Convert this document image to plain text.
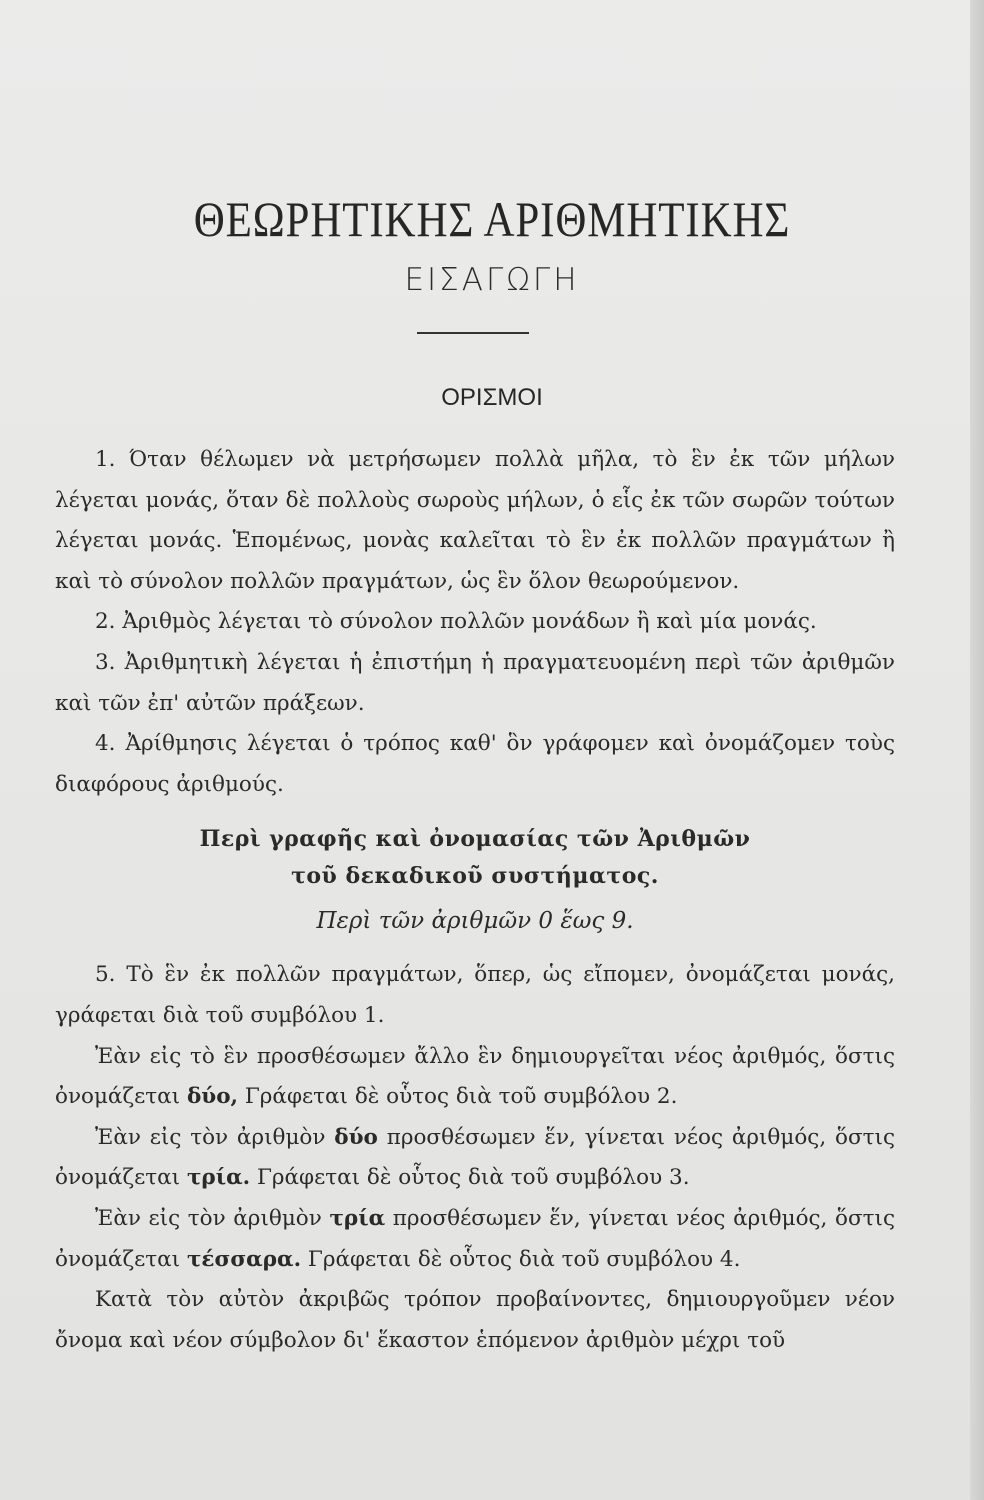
ΘΕΩΡΗΤΙΚΗΣ ΑΡΙΘΜΗΤΙΚΗΣ
ΕΙΣΑΓΩΓΗ
ΟΡΙΣΜΟΙ

1. Όταν θέλωμεν νὰ μετρήσωμεν πολλὰ μῆλα, τὸ ἓν ἐκ τῶν μήλων λέγεται μονάς, ὅταν δὲ πολλοὺς σωροὺς μήλων, ὁ εἷς ἐκ τῶν σωρῶν τούτων λέγεται μονάς. Ἑπομένως, μονὰς καλεῖται τὸ ἓν ἐκ πολλῶν πραγμάτων ἢ καὶ τὸ σύνολον πολλῶν πραγμάτων, ὡς ἓν ὅλον θεωρούμενον.

2. Ἀριθμὸς λέγεται τὸ σύνολον πολλῶν μονάδων ἢ καὶ μία μονάς.

3. Ἀριθμητικὴ λέγεται ἡ ἐπιστήμη ἡ πραγματευομένη περὶ τῶν ἀριθμῶν καὶ τῶν ἐπ' αὐτῶν πράξεων.

4. Ἀρίθμησις λέγεται ὁ τρόπος καθ' ὃν γράφομεν καὶ ὀνομάζομεν τοὺς διαφόρους ἀριθμούς.

Περὶ γραφῆς καὶ ὀνομασίας τῶν Ἀριθμῶν
τοῦ δεκαδικοῦ συστήματος.
Περὶ τῶν ἀριθμῶν 0 ἕως 9.

5. Τὸ ἓν ἐκ πολλῶν πραγμάτων, ὅπερ, ὡς εἴπομεν, ὀνομάζεται μονάς, γράφεται διὰ τοῦ συμβόλου 1.

Ἐὰν εἰς τὸ ἓν προσθέσωμεν ἄλλο ἓν δημιουργεῖται νέος ἀριθμός, ὅστις ὀνομάζεται δύο, Γράφεται δὲ οὗτος διὰ τοῦ συμβόλου 2.

Ἐὰν εἰς τὸν ἀριθμὸν δύο προσθέσωμεν ἕν, γίνεται νέος ἀριθμός, ὅστις ὀνομάζεται τρία. Γράφεται δὲ οὗτος διὰ τοῦ συμβόλου 3.

Ἐὰν εἰς τὸν ἀριθμὸν τρία προσθέσωμεν ἕν, γίνεται νέος ἀριθμός, ὅστις ὀνομάζεται τέσσαρα. Γράφεται δὲ οὗτος διὰ τοῦ συμβόλου 4.

Κατὰ τὸν αὐτὸν ἀκριβῶς τρόπον προβαίνοντες, δημιουργοῦμεν νέον ὄνομα καὶ νέον σύμβολον δι' ἕκαστον ἑπόμενον ἀριθμὸν μέχρι τοῦ
